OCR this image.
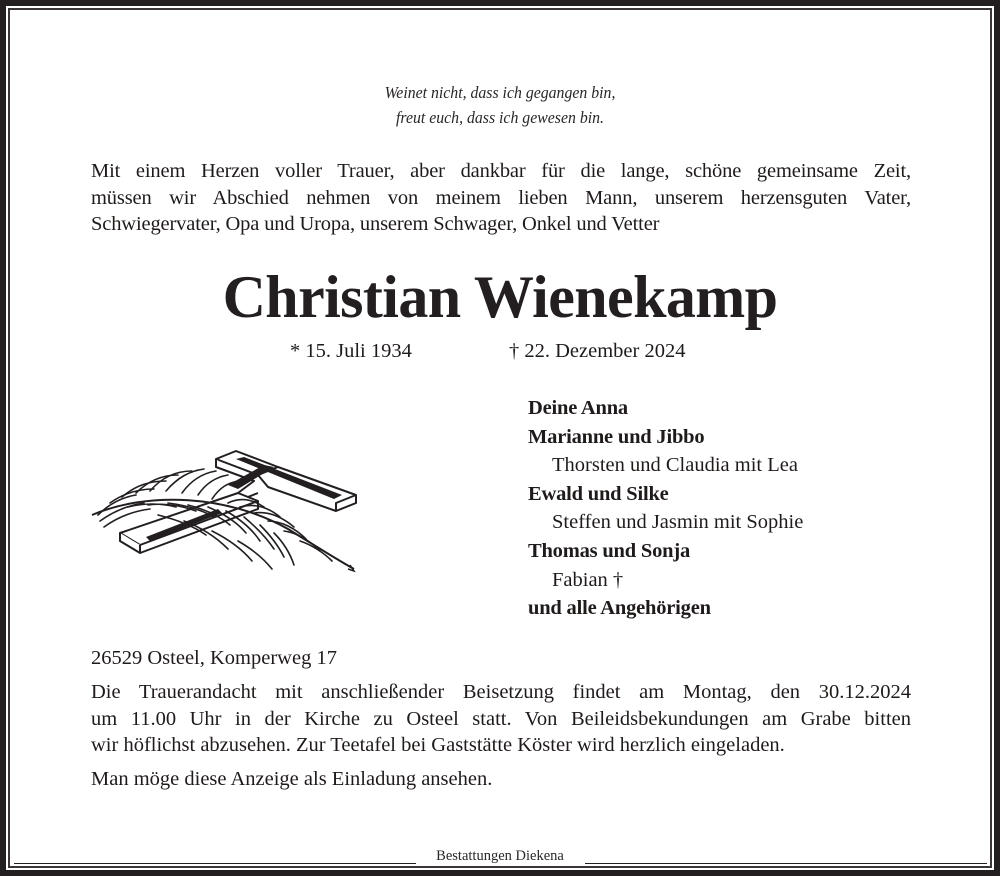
Weinet nicht, dass ich gegangen bin,
freut euch, dass ich gewesen bin.
Mit einem Herzen voller Trauer, aber dankbar für die lange, schöne gemeinsame Zeit,
müssen wir Abschied nehmen von meinem lieben Mann, unserem herzensguten Vater,
Schwiegervater, Opa und Uropa, unserem Schwager, Onkel und Vetter
Christian Wienekamp
* 15. Juli 1934	† 22. Dezember 2024
Deine Anna
Marianne und Jibbo
Thorsten und Claudia mit Lea
Ewald und Silke
Steffen und Jasmin mit Sophie
Thomas und Sonja
Fabian †
und alle Angehörigen
26529 Osteel, Komperweg 17
Die Trauerandacht mit anschließender Beisetzung findet am Montag, den 30.12.2024
um 11.00 Uhr in der Kirche zu Osteel statt. Von Beileidsbekundungen am Grabe bitten
wir höflichst abzusehen. Zur Teetafel bei Gaststätte Köster wird herzlich eingeladen.
Man möge diese Anzeige als Einladung ansehen.
Bestattungen Diekena
